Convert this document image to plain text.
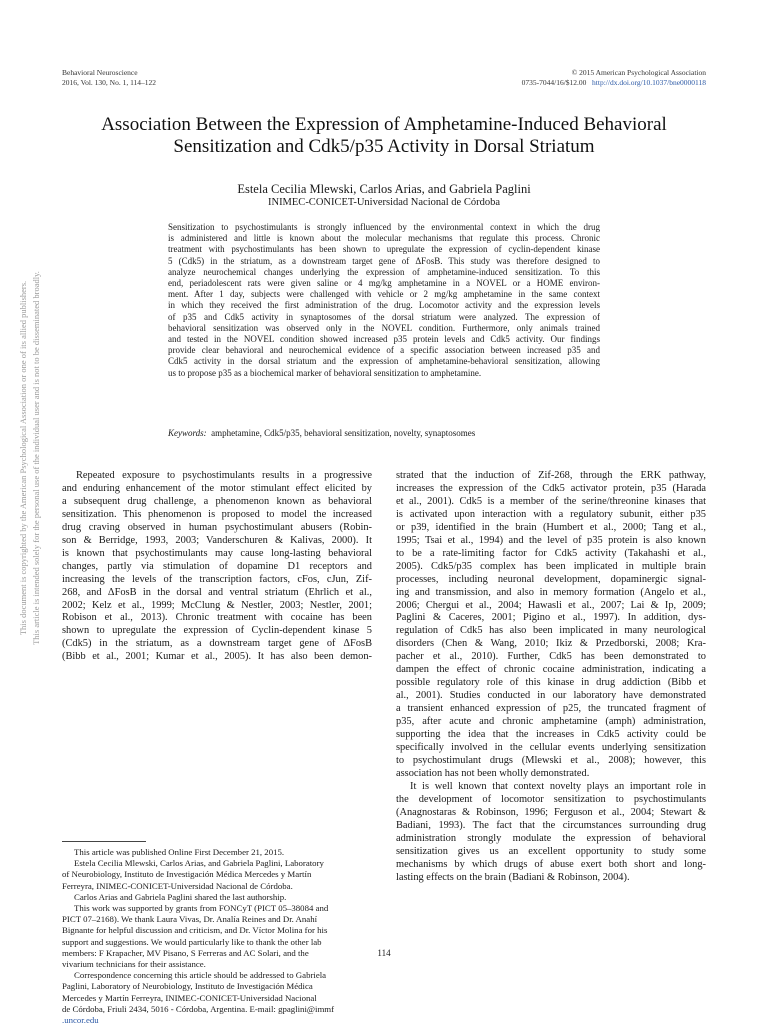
Behavioral Neuroscience
2016, Vol. 130, No. 1, 114–122
© 2015 American Psychological Association
0735-7044/16/$12.00 http://dx.doi.org/10.1037/bne0000118
This document is copyrighted by the American Psychological Association or one of its allied publishers. This article is intended solely for the personal use of the individual user and is not to be disseminated broadly.
Association Between the Expression of Amphetamine-Induced Behavioral
Sensitization and Cdk5/p35 Activity in Dorsal Striatum
Estela Cecilia Mlewski, Carlos Arias, and Gabriela Paglini
INIMEC-CONICET-Universidad Nacional de Córdoba
Sensitization to psychostimulants is strongly influenced by the environmental context in which the drug
is administered and little is known about the molecular mechanisms that regulate this process. Chronic
treatment with psychostimulants has been shown to upregulate the expression of cyclin-dependent kinase
5 (Cdk5) in the striatum, as a downstream target gene of ΔFosB. This study was therefore designed to
analyze neurochemical changes underlying the expression of amphetamine-induced sensitization. To this
end, periadolescent rats were given saline or 4 mg/kg amphetamine in a NOVEL or a HOME environ-
ment. After 1 day, subjects were challenged with vehicle or 2 mg/kg amphetamine in the same context
in which they received the first administration of the drug. Locomotor activity and the expression levels
of p35 and Cdk5 activity in synaptosomes of the dorsal striatum were analyzed. The expression of
behavioral sensitization was observed only in the NOVEL condition. Furthermore, only animals trained
and tested in the NOVEL condition showed increased p35 protein levels and Cdk5 activity. Our findings
provide clear behavioral and neurochemical evidence of a specific association between increased p35 and
Cdk5 activity in the dorsal striatum and the expression of amphetamine-behavioral sensitization, allowing
us to propose p35 as a biochemical marker of behavioral sensitization to amphetamine.
Keywords: amphetamine, Cdk5/p35, behavioral sensitization, novelty, synaptosomes
Repeated exposure to psychostimulants results in a progressive
and enduring enhancement of the motor stimulant effect elicited by
a subsequent drug challenge, a phenomenon known as behavioral
sensitization. This phenomenon is proposed to model the increased
drug craving observed in human psychostimulant abusers (Robin-
son & Berridge, 1993, 2003; Vanderschuren & Kalivas, 2000). It
is known that psychostimulants may cause long-lasting behavioral
changes, partly via stimulation of dopamine D1 receptors and
increasing the levels of the transcription factors, cFos, cJun, Zif-
268, and ΔFosB in the dorsal and ventral striatum (Ehrlich et al.,
2002; Kelz et al., 1999; McClung & Nestler, 2003; Nestler, 2001;
Robison et al., 2013). Chronic treatment with cocaine has been
shown to upregulate the expression of Cyclin-dependent kinase 5
(Cdk5) in the striatum, as a downstream target gene of ΔFosB
(Bibb et al., 2001; Kumar et al., 2005). It has also been demon-
This article was published Online First December 21, 2015.
Estela Cecilia Mlewski, Carlos Arias, and Gabriela Paglini, Laboratory
of Neurobiology, Instituto de Investigación Médica Mercedes y Martín
Ferreyra, INIMEC-CONICET-Universidad Nacional de Córdoba.
Carlos Arias and Gabriela Paglini shared the last authorship.
This work was supported by grants from FONCyT (PICT 05–38084 and
PICT 07–2168). We thank Laura Vivas, Dr. Analía Reines and Dr. Anahí
Bignante for helpful discussion and criticism, and Dr. Víctor Molina for his
support and suggestions. We would particularly like to thank the other lab
members: F Krapacher, MV Pisano, S Ferreras and AC Solari, and the
vivarium technicians for their assistance.
Correspondence concerning this article should be addressed to Gabriela
Paglini, Laboratory of Neurobiology, Instituto de Investigación Médica
Mercedes y Martín Ferreyra, INIMEC-CONICET-Universidad Nacional
de Córdoba, Friuli 2434, 5016 - Córdoba, Argentina. E-mail: gpaglini@immf
.uncor.edu
strated that the induction of Zif-268, through the ERK pathway,
increases the expression of the Cdk5 activator protein, p35 (Harada
et al., 2001). Cdk5 is a member of the serine/threonine kinases that
is activated upon interaction with a regulatory subunit, either p35
or p39, identified in the brain (Humbert et al., 2000; Tang et al.,
1995; Tsai et al., 1994) and the level of p35 protein is also known
to be a rate-limiting factor for Cdk5 activity (Takahashi et al.,
2005). Cdk5/p35 complex has been implicated in multiple brain
processes, including neuronal development, dopaminergic signal-
ing and transmission, and also in memory formation (Angelo et al.,
2006; Chergui et al., 2004; Hawasli et al., 2007; Lai & Ip, 2009;
Paglini & Caceres, 2001; Pigino et al., 1997). In addition, dys-
regulation of Cdk5 has also been implicated in many neurological
disorders (Chen & Wang, 2010; Ikiz & Przedborski, 2008; Kra-
pacher et al., 2010). Further, Cdk5 has been demonstrated to
dampen the effect of chronic cocaine administration, indicating a
possible regulatory role of this kinase in drug addiction (Bibb et
al., 2001). Studies conducted in our laboratory have demonstrated
a transient enhanced expression of p25, the truncated fragment of
p35, after acute and chronic amphetamine (amph) administration,
supporting the idea that the increases in Cdk5 activity could be
specifically involved in the cellular events underlying sensitization
to psychostimulant drugs (Mlewski et al., 2008); however, this
association has not been wholly demonstrated.
It is well known that context novelty plays an important role in
the development of locomotor sensitization to psychostimulants
(Anagnostaras & Robinson, 1996; Ferguson et al., 2004; Stewart &
Badiani, 1993). The fact that the circumstances surrounding drug
administration strongly modulate the expression of behavioral
sensitization gives us an excellent opportunity to study some
mechanisms by which drugs of abuse exert both short and long-
lasting effects on the brain (Badiani & Robinson, 2004).
114
